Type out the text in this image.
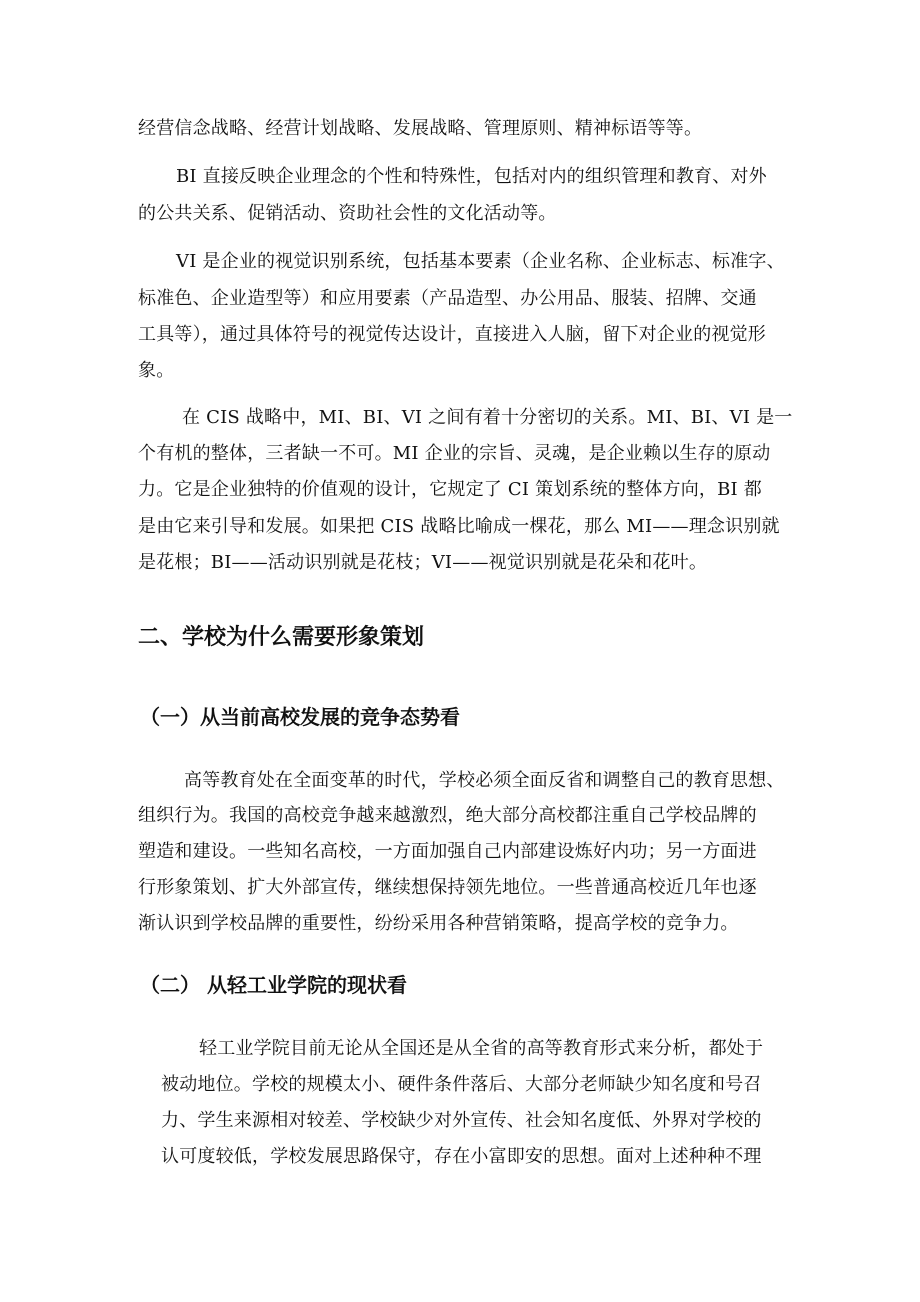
经营信念战略、经营计划战略、发展战略、管理原则、精神标语等等。
BI 直接反映企业理念的个性和特殊性，包括对内的组织管理和教育、对外
的公共关系、促销活动、资助社会性的文化活动等。
VI 是企业的视觉识别系统，包括基本要素（企业名称、企业标志、标准字、
标准色、企业造型等）和应用要素（产品造型、办公用品、服装、招牌、交通
工具等），通过具体符号的视觉传达设计，直接进入人脑，留下对企业的视觉形
象。
在 CIS 战略中，MI、BI、VI 之间有着十分密切的关系。MI、BI、VI 是一
个有机的整体，三者缺一不可。MI 企业的宗旨、灵魂，是企业赖以生存的原动
力。它是企业独特的价值观的设计，它规定了 CI 策划系统的整体方向，BI 都
是由它来引导和发展。如果把 CIS 战略比喻成一棵花，那么 MI——理念识别就
是花根；BI——活动识别就是花枝；VI——视觉识别就是花朵和花叶。
二、学校为什么需要形象策划
（一）从当前高校发展的竞争态势看
高等教育处在全面变革的时代，学校必须全面反省和调整自己的教育思想、
组织行为。我国的高校竞争越来越激烈，绝大部分高校都注重自己学校品牌的
塑造和建设。一些知名高校，一方面加强自己内部建设炼好内功；另一方面进
行形象策划、扩大外部宣传，继续想保持领先地位。一些普通高校近几年也逐
渐认识到学校品牌的重要性，纷纷采用各种营销策略，提高学校的竞争力。
（二） 从轻工业学院的现状看
轻工业学院目前无论从全国还是从全省的高等教育形式来分析，都处于
被动地位。学校的规模太小、硬件条件落后、大部分老师缺少知名度和号召
力、学生来源相对较差、学校缺少对外宣传、社会知名度低、外界对学校的
认可度较低，学校发展思路保守，存在小富即安的思想。面对上述种种不理
